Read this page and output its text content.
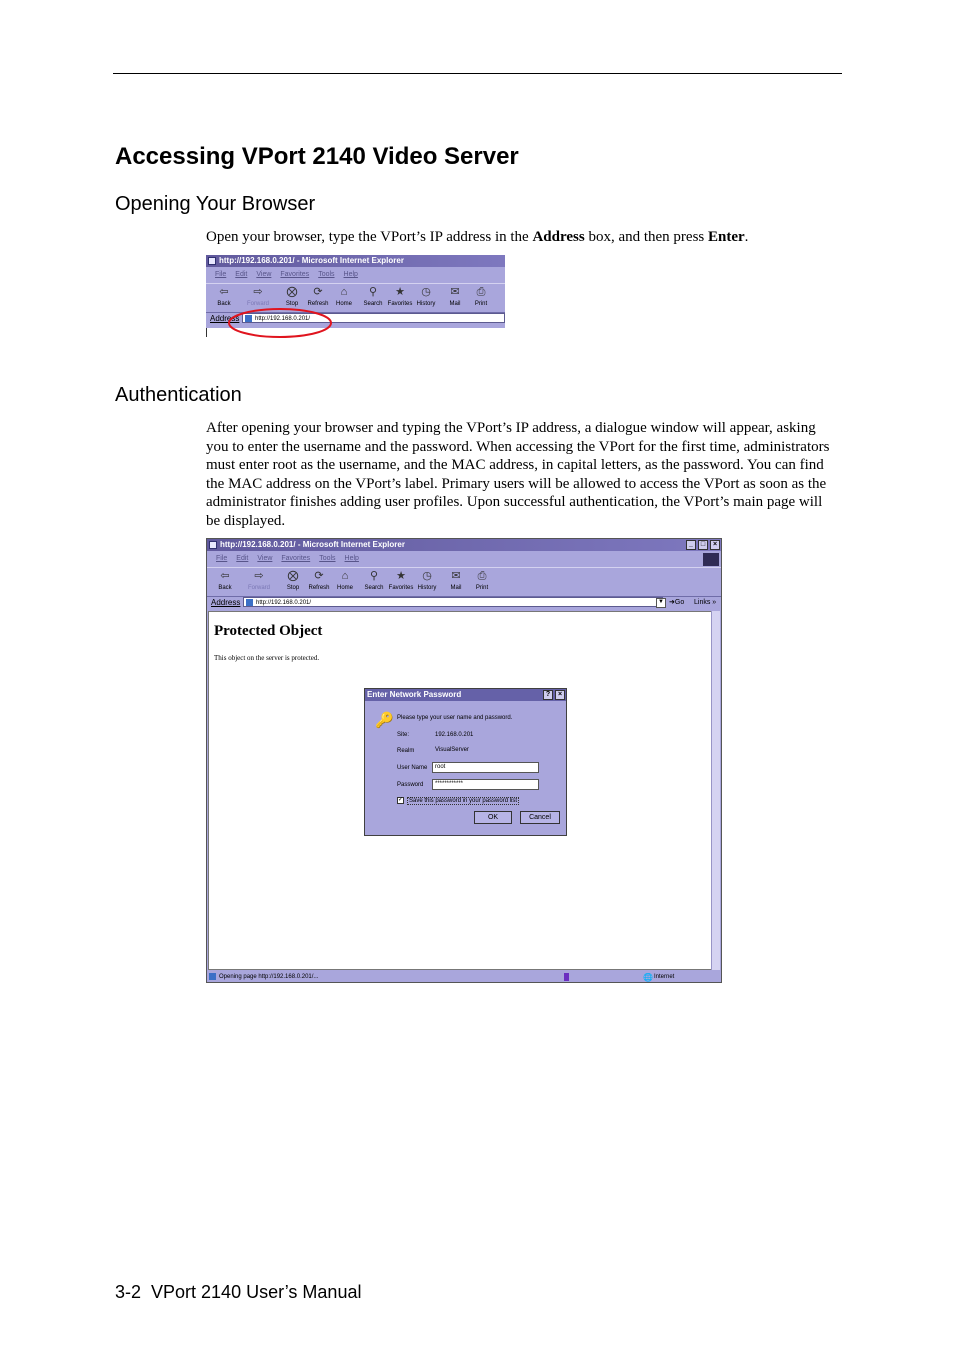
Accessing VPort 2140 Video Server
Opening Your Browser
Open your browser, type the VPort’s IP address in the Address box, and then press Enter.
http://192.168.0.201/ - Microsoft Internet Explorer
File Edit View Favorites Tools Help
⇦
Back
⇨
Forward
⨂
Stop
⟳
Refresh
⌂
Home
⚲
Search
★
Favorites
◷
History
✉
Mail
⎙
Print
Address	http://192.168.0.201/
Authentication
After opening your browser and typing the VPort’s IP address, a dialogue window will appear, asking you to enter the username and the password. When accessing the VPort for the first time, administrators must enter root as the username, and the MAC address, in capital letters, as the password. You can find the MAC address on the VPort’s label. Primary users will be allowed to access the VPort as soon as the administrator finishes adding user profiles. Upon successful authentication, the VPort’s main page will be displayed.
http://192.168.0.201/ - Microsoft Internet Explorer	_	□	×
File Edit View Favorites Tools Help
⇦
Back
⇨
Forward
⨂
Stop
⟳
Refresh
⌂
Home
⚲
Search
★
Favorites
◷
History
✉
Mail
⎙
Print
Address	http://192.168.0.201/	▼ ➜Go Links »
Protected Object
This object on the server is protected.
Opening page http://192.168.0.201/...	🌐 Internet
Enter Network Password	?	×
🔑 Please type your user name and password.
Site:	192.168.0.201
Realm	VisualServer
User Name	root
Password	************
✓ Save this password in your password list
OK	Cancel
3-2 VPort 2140 User’s Manual
